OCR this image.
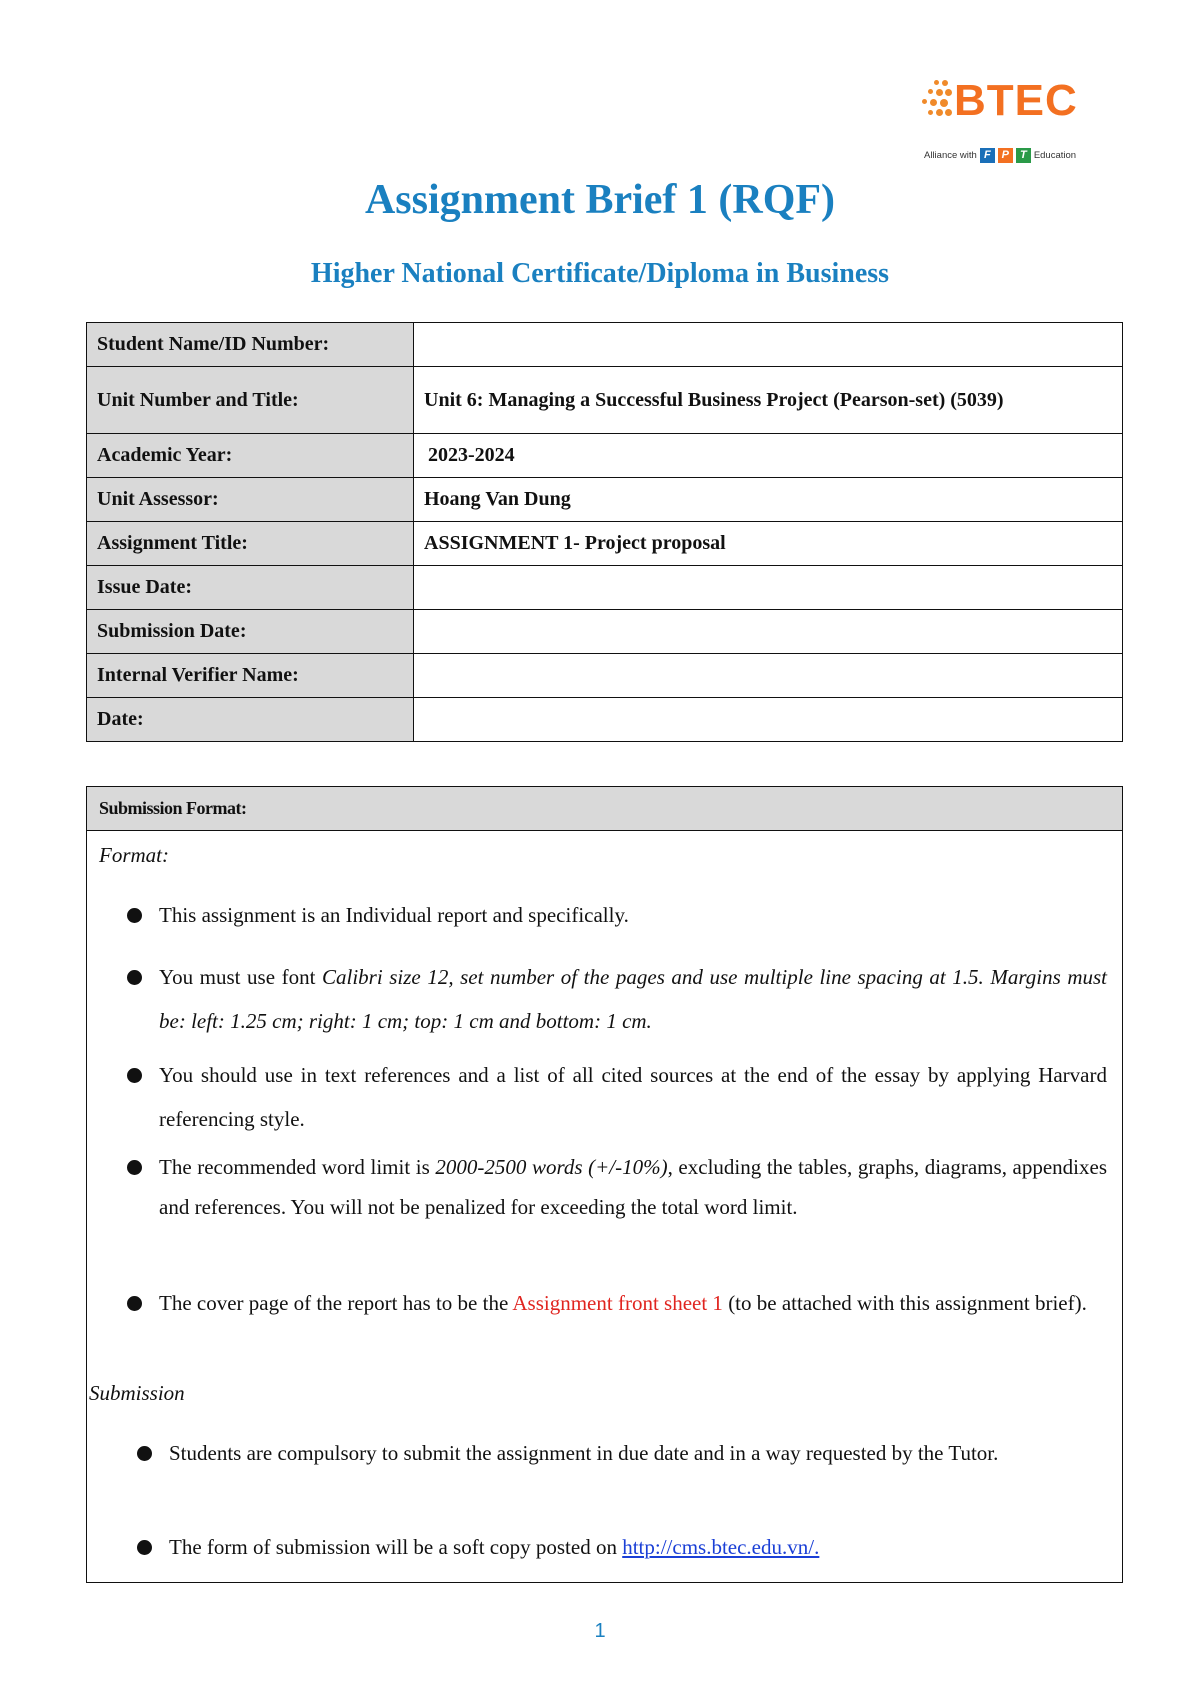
BTEC
Alliance with F P T Education
Assignment Brief 1 (RQF)
Higher National Certificate/Diploma in Business
Student Name/ID Number:	
Unit Number and Title:	Unit 6: Managing a Successful Business Project (Pearson-set) (5039)
Academic Year:	2023-2024
Unit Assessor:	Hoang Van Dung
Assignment Title:	ASSIGNMENT 1- Project proposal
Issue Date:	
Submission Date:	
Internal Verifier Name:	
Date:	
Submission Format:
Format:
This assignment is an Individual report and specifically.
You must use font Calibri size 12, set number of the pages and use multiple line spacing at 1.5. Margins must be: left: 1.25 cm; right: 1 cm; top: 1 cm and bottom: 1 cm.
You should use in text references and a list of all cited sources at the end of the essay by applying Harvard referencing style.
The recommended word limit is 2000-2500 words (+/-10%), excluding the tables, graphs, diagrams, appendixes and references. You will not be penalized for exceeding the total word limit.
The cover page of the report has to be the Assignment front sheet 1 (to be attached with this assignment brief).
Submission
Students are compulsory to submit the assignment in due date and in a way requested by the Tutor.
The form of submission will be a soft copy posted on http://cms.btec.edu.vn/.
1
